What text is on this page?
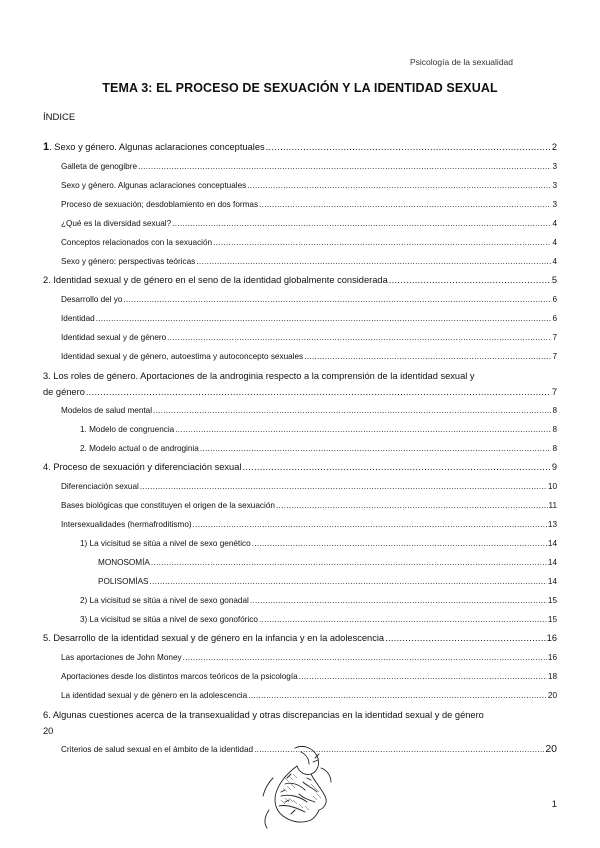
Psicología de la sexualidad
TEMA 3: EL PROCESO DE SEXUACIÓN Y LA IDENTIDAD SEXUAL
ÍNDICE
1. Sexo y género. Algunas aclaraciones conceptuales .....	2
Galleta de genogibre .....	3
Sexo y género. Algunas aclaraciones conceptuales .....	3
Proceso de sexuación; desdoblamiento en dos formas .....	3
¿Qué es la diversidad sexual? .....	4
Conceptos relacionados con la sexuación .....	4
Sexo y género: perspectivas teóricas .....	4
2. Identidad sexual y de género en el seno de la identidad globalmente considerada .....	5
Desarrollo del yo .....	6
Identidad .....	6
Identidad sexual y de género .....	7
Identidad sexual y de género, autoestima y autoconcepto sexuales .....	7
3. Los roles de género. Aportaciones de la androginia respecto a la comprensión de la identidad sexual y
de género .....	7
Modelos de salud mental .....	8
1. Modelo de congruencia .....	8
2. Modelo actual o de androginia .....	8
4. Proceso de sexuación y diferenciación sexual .....	9
Diferenciación sexual .....	10
Bases biológicas que constituyen el origen de la sexuación .....	11
Intersexualidades (hermafroditismo) .....	13
1) La vicisitud se sitúa a nivel de sexo genético .....	14
MONOSOMÍA .....	14
POLISOMÍAS .....	14
2) La vicisitud se sitúa a nivel de sexo gonadal .....	15
3) La vicisitud se sitúa a nivel de sexo gonofórico .....	15
5. Desarrollo de la identidad sexual y de género en la infancia y en la adolescencia .....	16
Las aportaciones de John Money .....	16
Aportaciones desde los distintos marcos teóricos de la psicología .....	18
La identidad sexual y de género en la adolescencia .....	20
6. Algunas cuestiones acerca de la transexualidad y otras discrepancias en la identidad sexual y de género
20
Criterios de salud sexual en el ámbito de la identidad .....	20
1
